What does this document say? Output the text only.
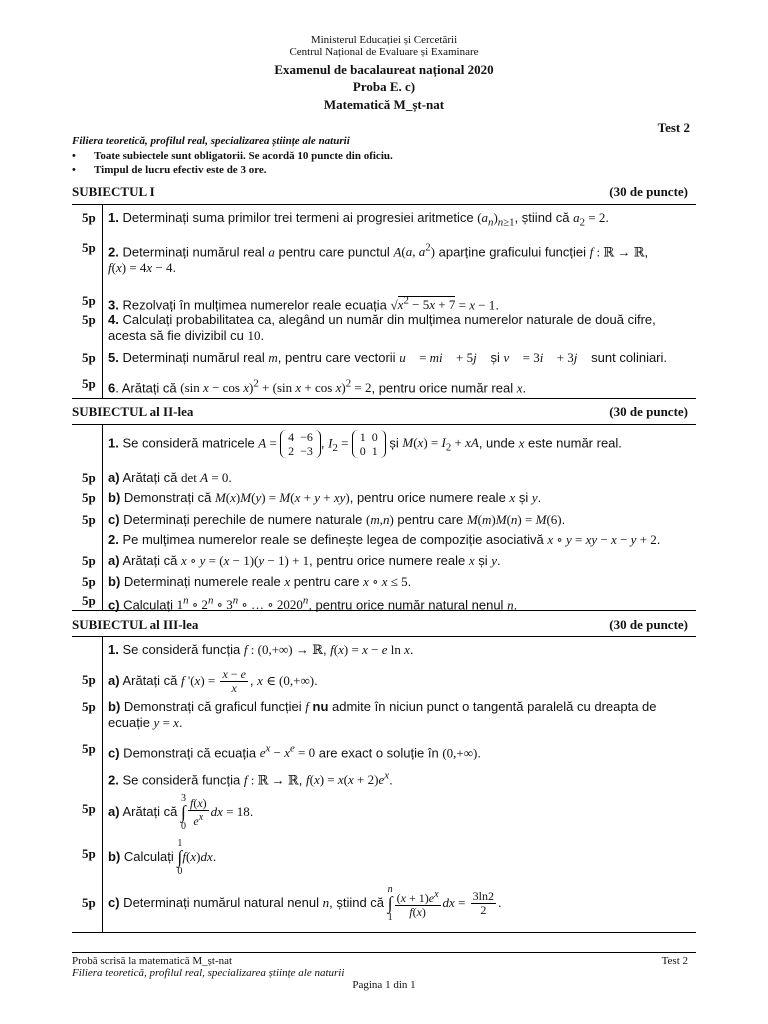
Ministerul Educației și Cercetării
Centrul Național de Evaluare și Examinare
Examenul de bacalaureat național 2020
Proba E. c)
Matematică M_șt-nat
Test 2
Filiera teoretică, profilul real, specializarea științe ale naturii
• Toate subiectele sunt obligatorii. Se acordă 10 puncte din oficiu.
• Timpul de lucru efectiv este de 3 ore.
SUBIECTUL I	(30 de puncte)
5p 1. Determinați suma primilor trei termeni ai progresiei aritmetice $(a_n)_{n\ge 1}$, știind că $a_2 = 2$.
5p 2. Determinați numărul real a pentru care punctul A(a, $a^2$) aparține graficului funcției f : ℝ → ℝ,
f(x) = 4x − 4.
5p 3. Rezolvați în mulțimea numerelor reale ecuația $√x^2 - 5x + 7 = x - 1$.
5p 4. Calculați probabilitatea ca, alegând un număr din mulțimea numerelor naturale de două cifre,
acesta să fie divizibil cu 10.
5p 5. Determinați numărul real m, pentru care vectorii u⃗ = mi⃗ + 5j⃗ și v⃗ = 3i⃗ + 3j⃗ sunt coliniari.
5p 6. Arătați că (sin x − cos x)$^2$ + (sin x + cos x)$^2$ = 2, pentru orice număr real x.
SUBIECTUL al II-lea	(30 de puncte)
1. Se consideră matricele A = 4	−6
2	−3
, $I_2 = 1$	0
0	1
și $M(x) = I_2$ + xA, unde x este număr real.
5p a) Arătați că det A = 0.
5p b) Demonstrați că M(x)M(y) = M(x + y + xy), pentru orice numere reale x și y.
5p c) Determinați perechile de numere naturale (m,n) pentru care M(m)M(n) = M(6).
2. Pe mulțimea numerelor reale se definește legea de compoziție asociativă x ∘ y = xy − x − y + 2.
5p a) Arătați că x ∘ y = (x − 1)(y − 1) + 1, pentru orice numere reale x și y.
5p b) Determinați numerele reale x pentru care x ∘ x ≤ 5.
5p c) Calculați 1$^n$ ∘ 2$^n$ ∘ 3$^n$ ∘ … ∘ 2020$^n$, pentru orice număr natural nenul n.
SUBIECTUL al III-lea	(30 de puncte)
1. Se consideră funcția f : (0,+∞) → ℝ, f(x) = x − e ln x.
5p a) Arătați că f '$(x) = \frac{x - e}{x}$ , x ∈ (0,+∞).
5p b) Demonstrați că graficul funcției f nu admite în niciun punct o tangentă paralelă cu dreapta de
ecuație y = x.
5p c) Demonstrați că ecuația $e^x - x^e = 0$ are exact o soluție în (0,+∞).
2. Se consideră funcția f : ℝ → ℝ, $f(x) = x(x + 2)e^x$.
5p a) Arătați că 3
∫
$0 \frac{f(x)}{e^x}$ dx = 18.
5p b) Calculați 1
∫
0f(x)dx.
5p c) Determinați numărul natural nenul n, știind că n
∫
$1 \frac{(x + 1)e^x}{f(x)}$ dx = $\frac{3\ln 2}{2}$ .
Probă scrisă la matematică M_șt-nat	Test 2
Filiera teoretică, profilul real, specializarea științe ale naturii
Pagina 1 din 1
